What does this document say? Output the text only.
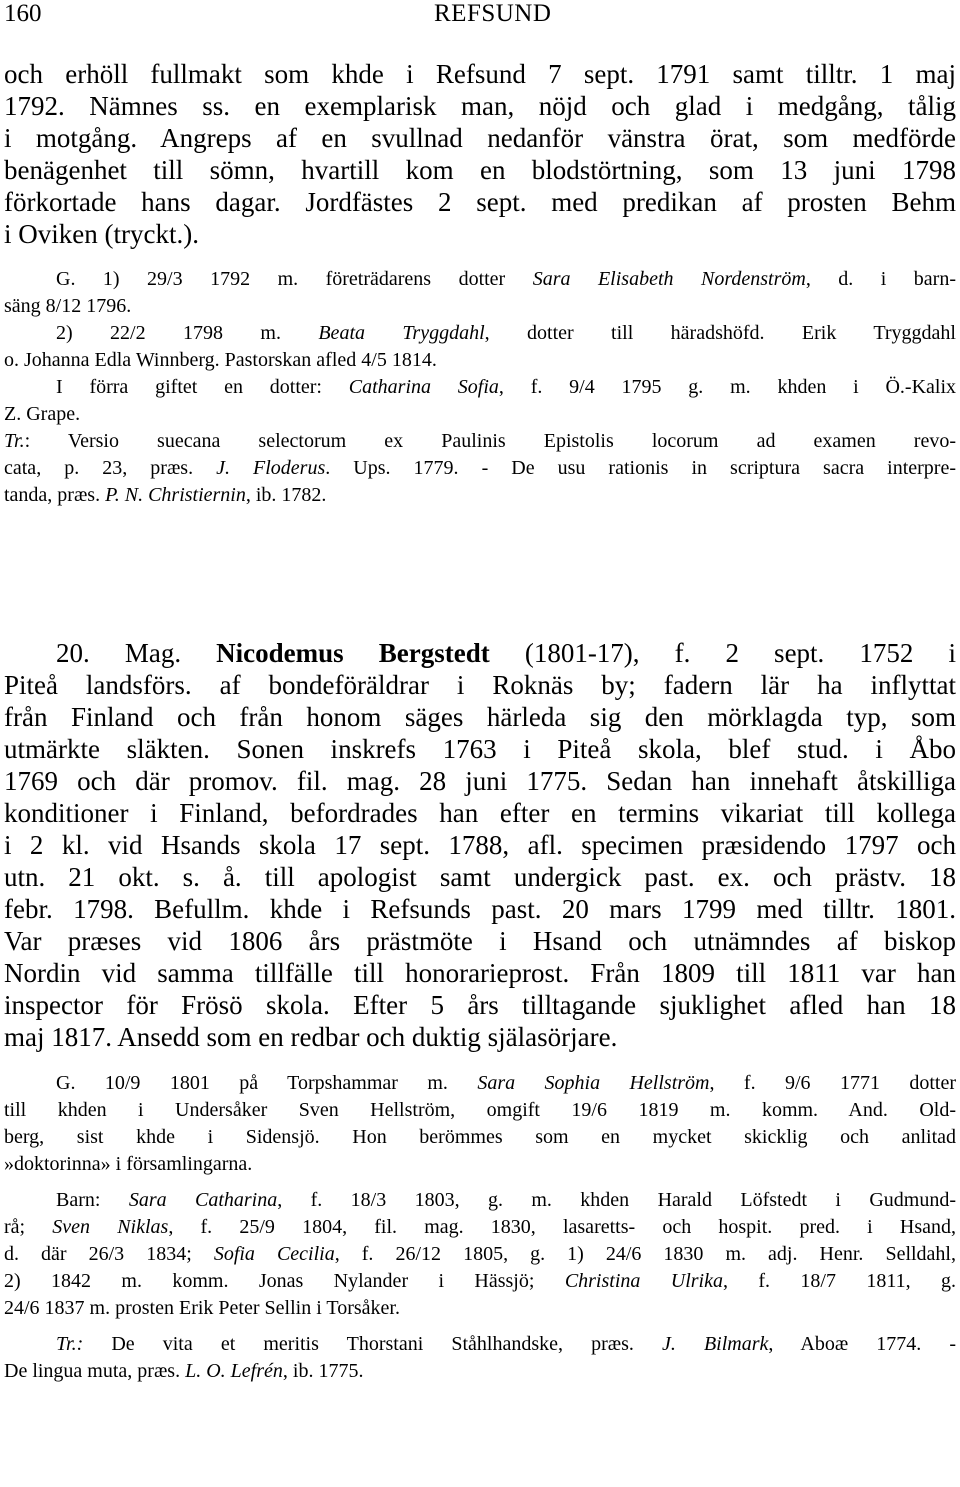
160	REFSUND
och erhöll fullmakt som khde i Refsund 7 sept. 1791 samt tilltr. 1 maj
1792. Nämnes ss. en exemplarisk man, nöjd och glad i medgång, tålig
i motgång. Angreps af en svullnad nedanför vänstra örat, som medförde
benägenhet till sömn, hvartill kom en blodstörtning, som 13 juni 1798
förkortade hans dagar. Jordfästes 2 sept. med predikan af prosten Behm
i Oviken (tryckt.).
G. 1) 29/3 1792 m. företrädarens dotter Sara Elisabeth Nordenström, d. i barn-
säng 8/12 1796.
2) 22/2 1798 m. Beata Tryggdahl, dotter till häradshöfd. Erik Tryggdahl
o. Johanna Edla Winnberg. Pastorskan afled 4/5 1814.
I förra giftet en dotter: Catharina Sofia, f. 9/4 1795 g. m. khden i Ö.-Kalix
Z. Grape.
Tr.: Versio suecana selectorum ex Paulinis Epistolis locorum ad examen revo-
cata, p. 23, præs. J. Floderus. Ups. 1779. - De usu rationis in scriptura sacra interpre-
tanda, præs. P. N. Christiernin, ib. 1782.
20. Mag. Nicodemus Bergstedt (1801-17), f. 2 sept. 1752 i
Piteå landsförs. af bondeföräldrar i Roknäs by; fadern lär ha inflyttat
från Finland och från honom säges härleda sig den mörklagda typ, som
utmärkte släkten. Sonen inskrefs 1763 i Piteå skola, blef stud. i Åbo
1769 och där promov. fil. mag. 28 juni 1775. Sedan han innehaft åtskilliga
konditioner i Finland, befordrades han efter en termins vikariat till kollega
i 2 kl. vid Hsands skola 17 sept. 1788, afl. specimen præsidendo 1797 och
utn. 21 okt. s. å. till apologist samt undergick past. ex. och prästv. 18
febr. 1798. Befullm. khde i Refsunds past. 20 mars 1799 med tilltr. 1801.
Var præses vid 1806 års prästmöte i Hsand och utnämndes af biskop
Nordin vid samma tillfälle till honorarieprost. Från 1809 till 1811 var han
inspector för Frösö skola. Efter 5 års tilltagande sjuklighet afled han 18
maj 1817. Ansedd som en redbar och duktig själasörjare.
G. 10/9 1801 på Torpshammar m. Sara Sophia Hellström, f. 9/6 1771 dotter
till khden i Undersåker Sven Hellström, omgift 19/6 1819 m. komm. And. Old-
berg, sist khde i Sidensjö. Hon berömmes som en mycket skicklig och anlitad
»doktorinna» i församlingarna.
Barn: Sara Catharina, f. 18/3 1803, g. m. khden Harald Löfstedt i Gudmund-
rå; Sven Niklas, f. 25/9 1804, fil. mag. 1830, lasaretts- och hospit. pred. i Hsand,
d. där 26/3 1834; Sofia Cecilia, f. 26/12 1805, g. 1) 24/6 1830 m. adj. Henr. Selldahl,
2) 1842 m. komm. Jonas Nylander i Hässjö; Christina Ulrika, f. 18/7 1811, g.
24/6 1837 m. prosten Erik Peter Sellin i Torsåker.
Tr.: De vita et meritis Thorstani Ståhlhandske, præs. J. Bilmark, Aboæ 1774. -
De lingua muta, præs. L. O. Lefrén, ib. 1775.
